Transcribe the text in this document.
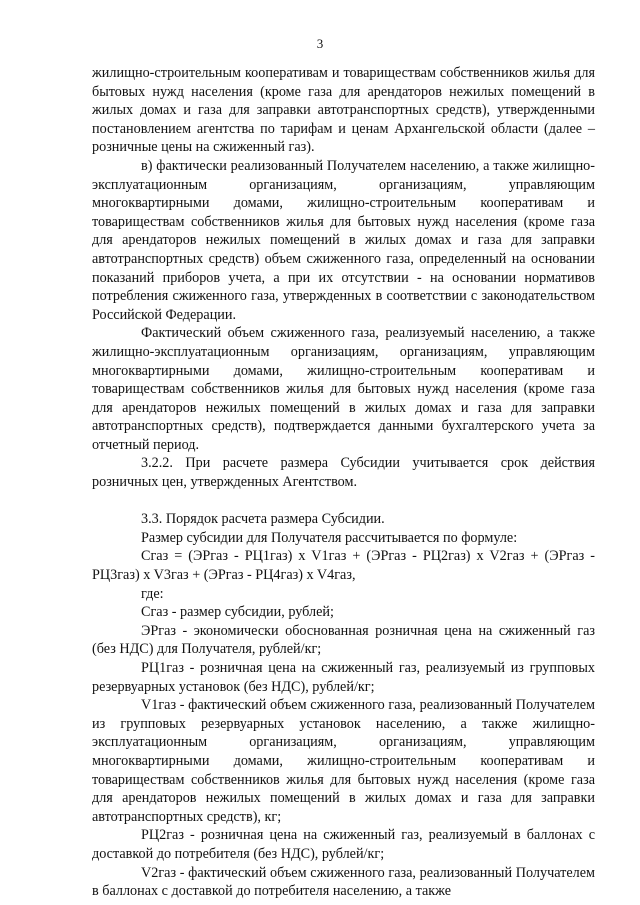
3

жилищно-строительным кооперативам и товариществам собственников жилья для бытовых нужд населения (кроме газа для арендаторов нежилых помещений в жилых домах и газа для заправки автотранспортных средств), утвержденными постановлением агентства по тарифам и ценам Архангельской области (далее – розничные цены на сжиженный газ).

в) фактически реализованный Получателем населению, а также жилищно-эксплуатационным организациям, организациям, управляющим многоквартирными домами, жилищно-строительным кооперативам и товариществам собственников жилья для бытовых нужд населения (кроме газа для арендаторов нежилых помещений в жилых домах и газа для заправки автотранспортных средств) объем сжиженного газа, определенный на основании показаний приборов учета, а при их отсутствии - на основании нормативов потребления сжиженного газа, утвержденных в соответствии с законодательством Российской Федерации.

Фактический объем сжиженного газа, реализуемый населению, а также жилищно-эксплуатационным организациям, организациям, управляющим многоквартирными домами, жилищно-строительным кооперативам и товариществам собственников жилья для бытовых нужд населения (кроме газа для арендаторов нежилых помещений в жилых домах и газа для заправки автотранспортных средств), подтверждается данными бухгалтерского учета за отчетный период.

3.2.2. При расчете размера Субсидии учитывается срок действия розничных цен, утвержденных Агентством.

3.3. Порядок расчета размера Субсидии.

Размер субсидии для Получателя рассчитывается по формуле:

Сгаз = (ЭРгаз - РЦ1газ) x V1газ + (ЭРгаз - РЦ2газ) x V2газ + (ЭРгаз - РЦ3газ) x V3газ + (ЭРгаз - РЦ4газ) x V4газ,

где:

Сгаз - размер субсидии, рублей;

ЭРгаз - экономически обоснованная розничная цена на сжиженный газ (без НДС) для Получателя, рублей/кг;

РЦ1газ - розничная цена на сжиженный газ, реализуемый из групповых резервуарных установок (без НДС), рублей/кг;

V1газ - фактический объем сжиженного газа, реализованный Получателем из групповых резервуарных установок населению, а также жилищно-эксплуатационным организациям, организациям, управляющим многоквартирными домами, жилищно-строительным кооперативам и товариществам собственников жилья для бытовых нужд населения (кроме газа для арендаторов нежилых помещений в жилых домах и газа для заправки автотранспортных средств), кг;

РЦ2газ - розничная цена на сжиженный газ, реализуемый в баллонах с доставкой до потребителя (без НДС), рублей/кг;

V2газ - фактический объем сжиженного газа, реализованный Получателем в баллонах с доставкой до потребителя населению, а также
